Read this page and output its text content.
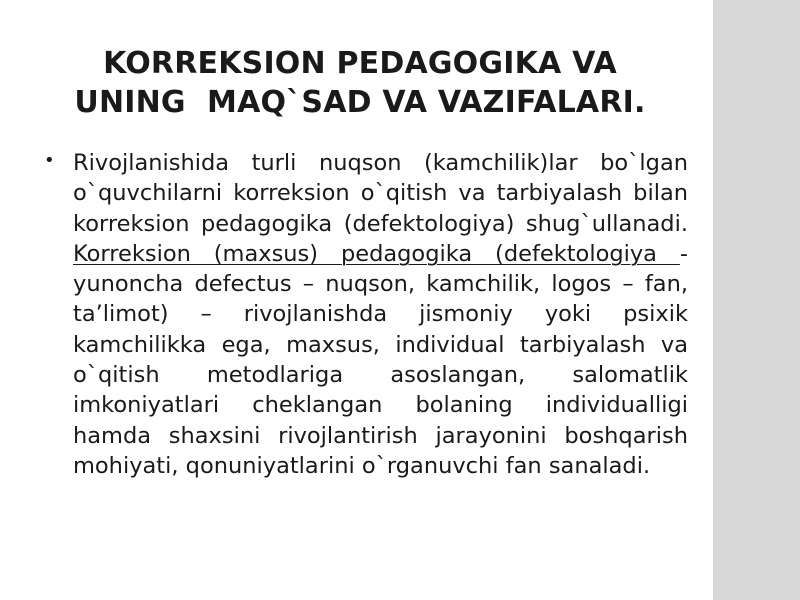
KORREKSION PEDAGOGIKA VA
UNING  MAQ`SAD VA VAZIFALARI.
• Rivojlanishida turli nuqson (kamchilik)lar bo`lgan o`quvchilarni korreksion o`qitish va tarbiyalash bilan korreksion pedagogika (defektologiya) shug`ullanadi. Korreksion (maxsus) pedagogika (defektologiya - yunoncha defectus – nuqson, kamchilik, logos – fan, ta’limot) – rivojlanishda jismoniy yoki psixik kamchilikka ega, maxsus, individual tarbiyalash va o`qitish metodlariga asoslangan, salomatlik imkoniyatlari cheklangan bolaning individualligi hamda shaxsini rivojlantirish jarayonini boshqarish mohiyati, qonuniyatlarini o`rganuvchi fan sanaladi.
